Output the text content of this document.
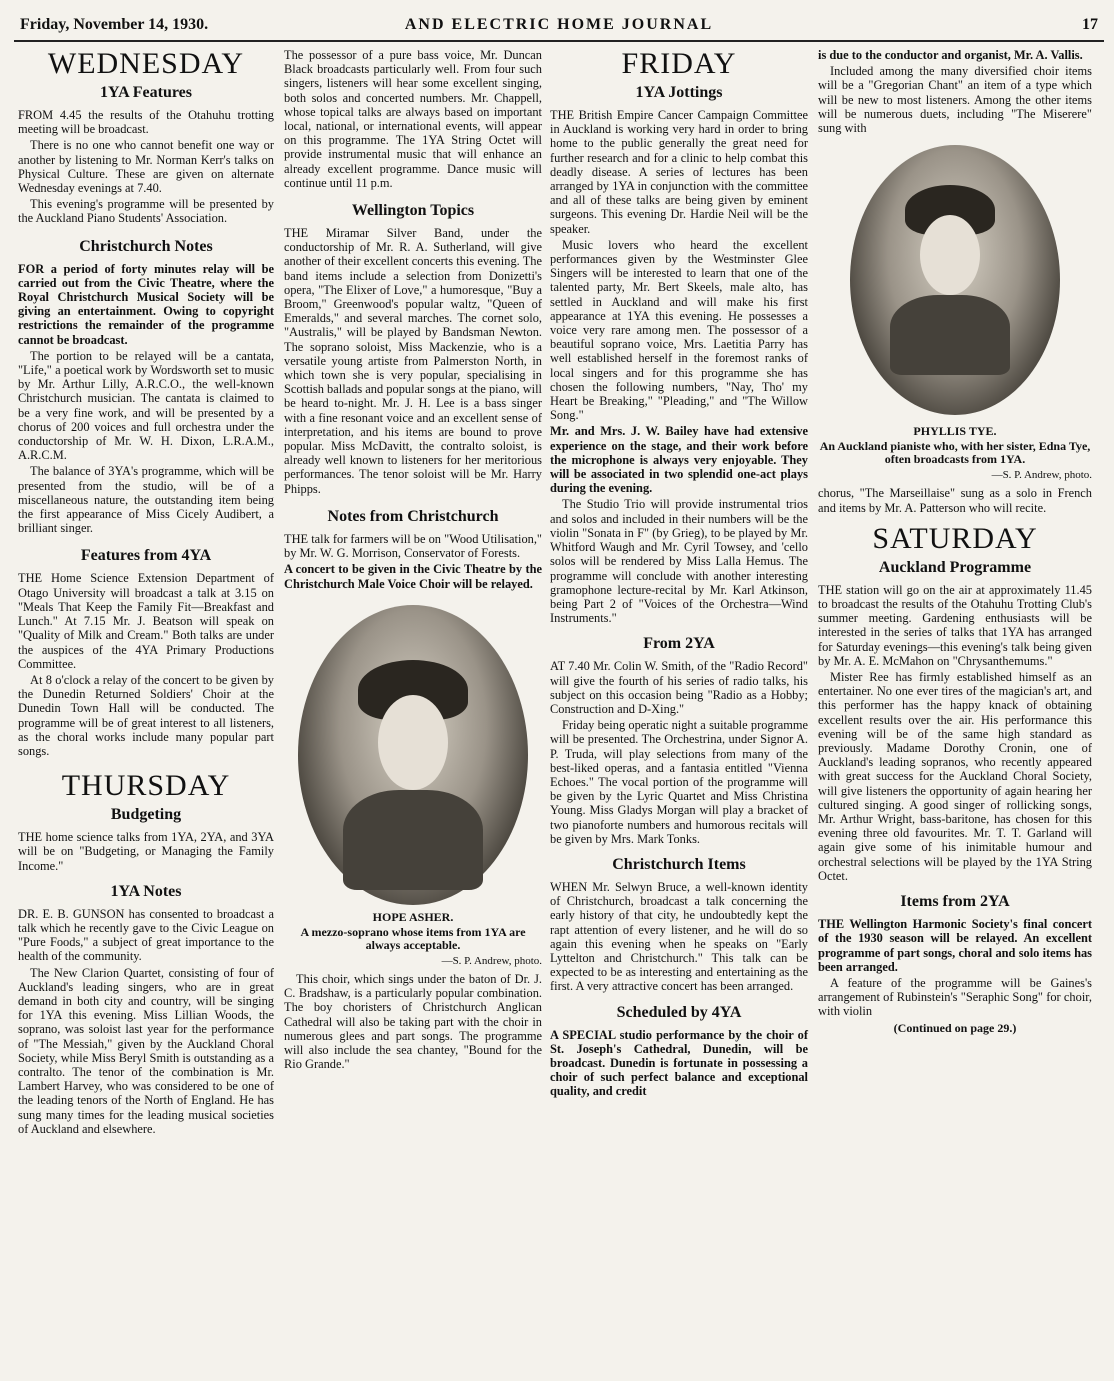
Friday, November 14, 1930.	AND ELECTRIC HOME JOURNAL	17
WEDNESDAY
1YA Features

FROM 4.45 the results of the Otahuhu trotting meeting will be broadcast.

There is no one who cannot benefit one way or another by listening to Mr. Norman Kerr's talks on Physical Culture. These are given on alternate Wednesday evenings at 7.40.

This evening's programme will be presented by the Auckland Piano Students' Association.

Christchurch Notes

FOR a period of forty minutes relay will be carried out from the Civic Theatre, where the Royal Christchurch Musical Society will be giving an entertainment. Owing to copyright restrictions the remainder of the programme cannot be broadcast.

The portion to be relayed will be a cantata, "Life," a poetical work by Wordsworth set to music by Mr. Arthur Lilly, A.R.C.O., the well-known Christchurch musician. The cantata is claimed to be a very fine work, and will be presented by a chorus of 200 voices and full orchestra under the conductorship of Mr. W. H. Dixon, L.R.A.M., A.R.C.M.

The balance of 3YA's programme, which will be presented from the studio, will be of a miscellaneous nature, the outstanding item being the first appearance of Miss Cicely Audibert, a brilliant singer.

Features from 4YA

THE Home Science Extension Department of Otago University will broadcast a talk at 3.15 on "Meals That Keep the Family Fit—Breakfast and Lunch." At 7.15 Mr. J. Beatson will speak on "Quality of Milk and Cream." Both talks are under the auspices of the 4YA Primary Productions Committee.

At 8 o'clock a relay of the concert to be given by the Dunedin Returned Soldiers' Choir at the Dunedin Town Hall will be conducted. The programme will be of great interest to all listeners, as the choral works include many popular part songs.

THURSDAY
Budgeting

THE home science talks from 1YA, 2YA, and 3YA will be on "Budgeting, or Managing the Family Income."

1YA Notes

DR. E. B. GUNSON has consented to broadcast a talk which he recently gave to the Civic League on "Pure Foods," a subject of great importance to the health of the community.

The New Clarion Quartet, consisting of four of Auckland's leading singers, who are in great demand in both city and country, will be singing for 1YA this evening. Miss Lillian Woods, the soprano, was soloist last year for the performance of "The Messiah," given by the Auckland Choral Society, while Miss Beryl Smith is outstanding as a contralto. The tenor of the combination is Mr. Lambert Harvey, who was considered to be one of the leading tenors of the North of England. He has sung many times for the leading musical societies of Auckland and elsewhere.

The possessor of a pure bass voice, Mr. Duncan Black broadcasts particularly well. From four such singers, listeners will hear some excellent singing, both solos and concerted numbers. Mr. Chappell, whose topical talks are always based on important local, national, or international events, will appear on this programme. The 1YA String Octet will provide instrumental music that will enhance an already excellent programme. Dance music will continue until 11 p.m.

Wellington Topics

THE Miramar Silver Band, under the conductorship of Mr. R. A. Sutherland, will give another of their excellent concerts this evening. The band items include a selection from Donizetti's opera, "The Elixer of Love," a humoresque, "Buy a Broom," Greenwood's popular waltz, "Queen of Emeralds," and several marches. The cornet solo, "Australis," will be played by Bandsman Newton. The soprano soloist, Miss Mackenzie, who is a versatile young artiste from Palmerston North, in which town she is very popular, specialising in Scottish ballads and popular songs at the piano, will be heard to-night. Mr. J. H. Lee is a bass singer with a fine resonant voice and an excellent sense of interpretation, and his items are bound to prove popular. Miss McDavitt, the contralto soloist, is already well known to listeners for her meritorious performances. The tenor soloist will be Mr. Harry Phipps.

Notes from Christchurch

THE talk for farmers will be on "Wood Utilisation," by Mr. W. G. Morrison, Conservator of Forests.

A concert to be given in the Civic Theatre by the Christchurch Male Voice Choir will be relayed.

HOPE ASHER.
A mezzo-soprano whose items from 1YA are always acceptable.
—S. P. Andrew, photo.

This choir, which sings under the baton of Dr. J. C. Bradshaw, is a particularly popular combination. The boy choristers of Christchurch Anglican Cathedral will also be taking part with the choir in numerous glees and part songs. The programme will also include the sea chantey, "Bound for the Rio Grande."

FRIDAY
1YA Jottings

THE British Empire Cancer Campaign Committee in Auckland is working very hard in order to bring home to the public generally the great need for further research and for a clinic to help combat this deadly disease. A series of lectures has been arranged by 1YA in conjunction with the committee and all of these talks are being given by eminent surgeons. This evening Dr. Hardie Neil will be the speaker.

Music lovers who heard the excellent performances given by the Westminster Glee Singers will be interested to learn that one of the talented party, Mr. Bert Skeels, male alto, has settled in Auckland and will make his first appearance at 1YA this evening. He possesses a voice very rare among men. The possessor of a beautiful soprano voice, Mrs. Laetitia Parry has well established herself in the foremost ranks of local singers and for this programme she has chosen the following numbers, "Nay, Tho' my Heart be Breaking," "Pleading," and "The Willow Song."

Mr. and Mrs. J. W. Bailey have had extensive experience on the stage, and their work before the microphone is always very enjoyable. They will be associated in two splendid one-act plays during the evening.

The Studio Trio will provide instrumental trios and solos and included in their numbers will be the violin "Sonata in F" (by Grieg), to be played by Mr. Whitford Waugh and Mr. Cyril Towsey, and 'cello solos will be rendered by Miss Lalla Hemus. The programme will conclude with another interesting gramophone lecture-recital by Mr. Karl Atkinson, being Part 2 of "Voices of the Orchestra—Wind Instruments."

From 2YA

AT 7.40 Mr. Colin W. Smith, of the "Radio Record" will give the fourth of his series of radio talks, his subject on this occasion being "Radio as a Hobby; Construction and D-Xing."

Friday being operatic night a suitable programme will be presented. The Orchestrina, under Signor A. P. Truda, will play selections from many of the best-liked operas, and a fantasia entitled "Vienna Echoes." The vocal portion of the programme will be given by the Lyric Quartet and Miss Christina Young. Miss Gladys Morgan will play a bracket of two pianoforte numbers and humorous recitals will be given by Mrs. Mark Tonks.

Christchurch Items

WHEN Mr. Selwyn Bruce, a well-known identity of Christchurch, broadcast a talk concerning the early history of that city, he undoubtedly kept the rapt attention of every listener, and he will do so again this evening when he speaks on "Early Lyttelton and Christchurch." This talk can be expected to be as interesting and entertaining as the first. A very attractive concert has been arranged.

Scheduled by 4YA

A SPECIAL studio performance by the choir of St. Joseph's Cathedral, Dunedin, will be broadcast. Dunedin is fortunate in possessing a choir of such perfect balance and exceptional quality, and credit

is due to the conductor and organist, Mr. A. Vallis.

Included among the many diversified choir items will be a "Gregorian Chant" an item of a type which will be new to most listeners. Among the other items will be numerous duets, including "The Miserere" sung with

PHYLLIS TYE.
An Auckland pianiste who, with her sister, Edna Tye, often broadcasts from 1YA.
—S. P. Andrew, photo.

chorus, "The Marseillaise" sung as a solo in French and items by Mr. A. Patterson who will recite.

SATURDAY
Auckland Programme

THE station will go on the air at approximately 11.45 to broadcast the results of the Otahuhu Trotting Club's summer meeting. Gardening enthusiasts will be interested in the series of talks that 1YA has arranged for Saturday evenings—this evening's talk being given by Mr. A. E. McMahon on "Chrysanthemums."

Mister Ree has firmly established himself as an entertainer. No one ever tires of the magician's art, and this performer has the happy knack of obtaining excellent results over the air. His performance this evening will be of the same high standard as previously. Madame Dorothy Cronin, one of Auckland's leading sopranos, who recently appeared with great success for the Auckland Choral Society, will give listeners the opportunity of again hearing her cultured singing. A good singer of rollicking songs, Mr. Arthur Wright, bass-baritone, has chosen for this evening three old favourites. Mr. T. T. Garland will again give some of his inimitable humour and orchestral selections will be played by the 1YA String Octet.

Items from 2YA

THE Wellington Harmonic Society's final concert of the 1930 season will be relayed. An excellent programme of part songs, choral and solo items has been arranged.

A feature of the programme will be Gaines's arrangement of Rubinstein's "Seraphic Song" for choir, with violin

(Continued on page 29.)
